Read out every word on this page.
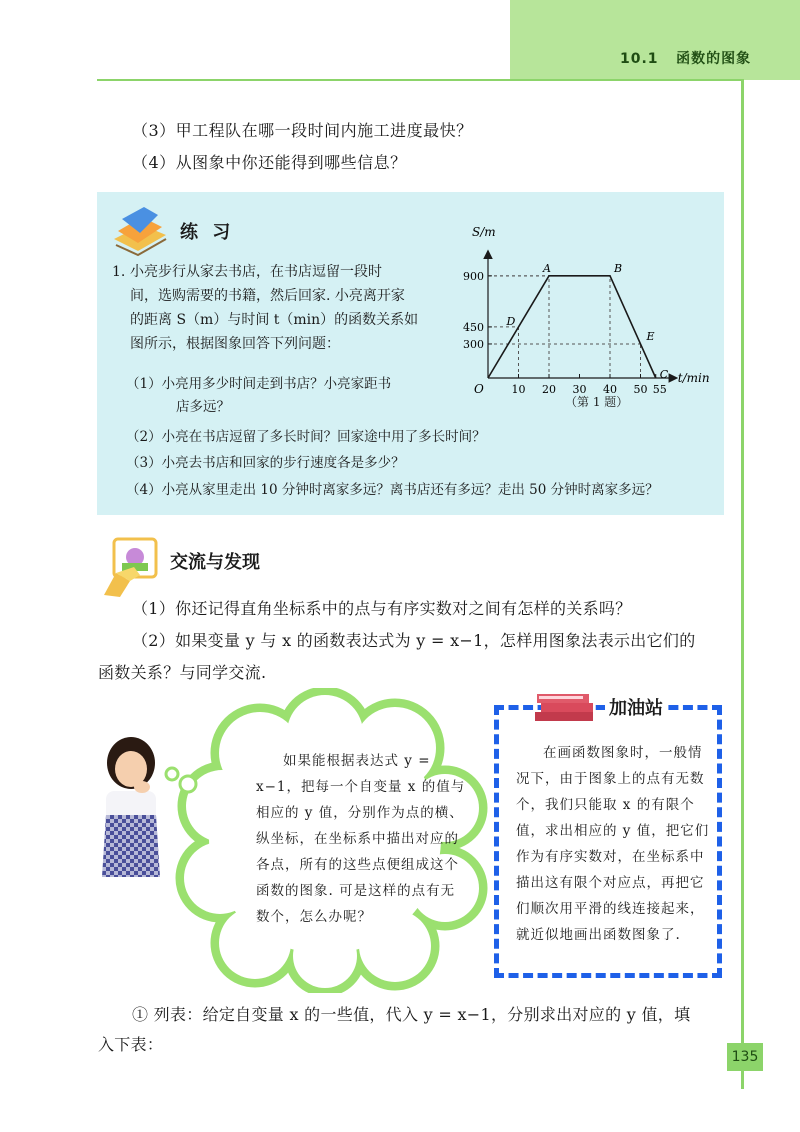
10.1 函数的图象
（3）甲工程队在哪一段时间内施工进度最快？
（4）从图象中你还能得到哪些信息？
练 习
1. 小亮步行从家去书店，在书店逗留一段时
间，选购需要的书籍，然后回家. 小亮离开家
的距离 S（m）与时间 t（min）的函数关系如
图所示，根据图象回答下列问题：
（1）小亮用多少时间走到书店？小亮家距书
店多远？
（2）小亮在书店逗留了多长时间？回家途中用了多长时间？
（3）小亮去书店和回家的步行速度各是多少？
（4）小亮从家里走出 10 分钟时离家多远？离书店还有多远？走出 50 分钟时离家多远？
300
450
900
10 20 30 40 50 55
A	B
D
E
C
S/m
t/min
O
（第 1 题）
交流与发现
（1）你还记得直角坐标系中的点与有序实数对之间有怎样的关系吗？
（2）如果变量 y 与 x 的函数表达式为 y = x−1，怎样用图象法表示出它们的
函数关系？与同学交流.
如果能根据表达式 y = x−1，把每一个自变量 x 的值与相应的 y 值，分别作为点的横、纵坐标，在坐标系中描出对应的各点，所有的这些点便组成这个函数的图象. 可是这样的点有无数个，怎么办呢？
加油站
在画函数图象时，一般情况下，由于图象上的点有无数个，我们只能取 x 的有限个值，求出相应的 y 值，把它们作为有序实数对，在坐标系中描出这有限个对应点，再把它们顺次用平滑的线连接起来，就近似地画出函数图象了.
① 列表：给定自变量 x 的一些值，代入 y = x−1，分别求出对应的 y 值，填
入下表：
135
